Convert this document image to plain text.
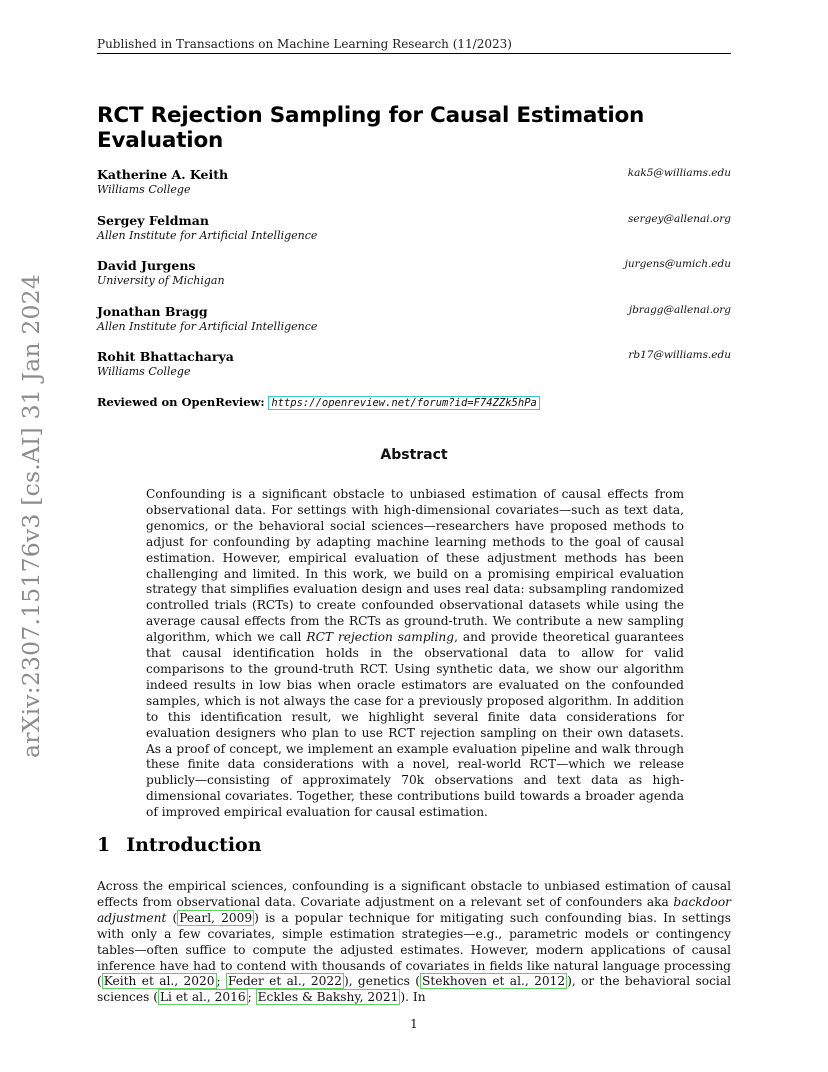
Published in Transactions on Machine Learning Research (11/2023)
RCT Rejection Sampling for Causal Estimation Evaluation
Katherine A. Keith	kak5@williams.edu
Williams College
Sergey Feldman	sergey@allenai.org
Allen Institute for Artificial Intelligence
David Jurgens	jurgens@umich.edu
University of Michigan
Jonathan Bragg	jbragg@allenai.org
Allen Institute for Artificial Intelligence
Rohit Bhattacharya	rb17@williams.edu
Williams College
arXiv:2307.15176v3 [cs.AI] 31 Jan 2024	Reviewed on OpenReview: https://openreview.net/forum?id=F74ZZk5hPa
Abstract
Confounding is a significant obstacle to unbiased estimation of causal effects from observational data. For settings with high-dimensional covariates—such as text data, genomics, or the behavioral social sciences—researchers have proposed methods to adjust for confounding by adapting machine learning methods to the goal of causal estimation. However, empirical evaluation of these adjustment methods has been challenging and limited. In this work, we build on a promising empirical evaluation strategy that simplifies evaluation design and uses real data: subsampling randomized controlled trials (RCTs) to create confounded observational datasets while using the average causal effects from the RCTs as ground-truth. We contribute a new sampling algorithm, which we call RCT rejection sampling, and provide theoretical guarantees that causal identification holds in the observational data to allow for valid comparisons to the ground-truth RCT. Using synthetic data, we show our algorithm indeed results in low bias when oracle estimators are evaluated on the confounded samples, which is not always the case for a previously proposed algorithm. In addition to this identification result, we highlight several finite data considerations for evaluation designers who plan to use RCT rejection sampling on their own datasets. As a proof of concept, we implement an example evaluation pipeline and walk through these finite data considerations with a novel, real-world RCT—which we release publicly—consisting of approximately 70k observations and text data as high-dimensional covariates. Together, these contributions build towards a broader agenda of improved empirical evaluation for causal estimation.
1 Introduction
Across the empirical sciences, confounding is a significant obstacle to unbiased estimation of causal effects from observational data. Covariate adjustment on a relevant set of confounders aka backdoor adjustment ( Pearl, 2009 ) is a popular technique for mitigating such confounding bias. In settings with only a few covariates, simple estimation strategies—e.g., parametric models or contingency tables—often suffice to compute the adjusted estimates. However, modern applications of causal inference have had to contend with thousands of covariates in fields like natural language processing ( Keith et al., 2020 ; Feder et al., 2022 ), genetics ( Stekhoven et al., 2012 ), or the behavioral social sciences ( Li et al., 2016 ; Eckles & Bakshy, 2021 ). In
1
